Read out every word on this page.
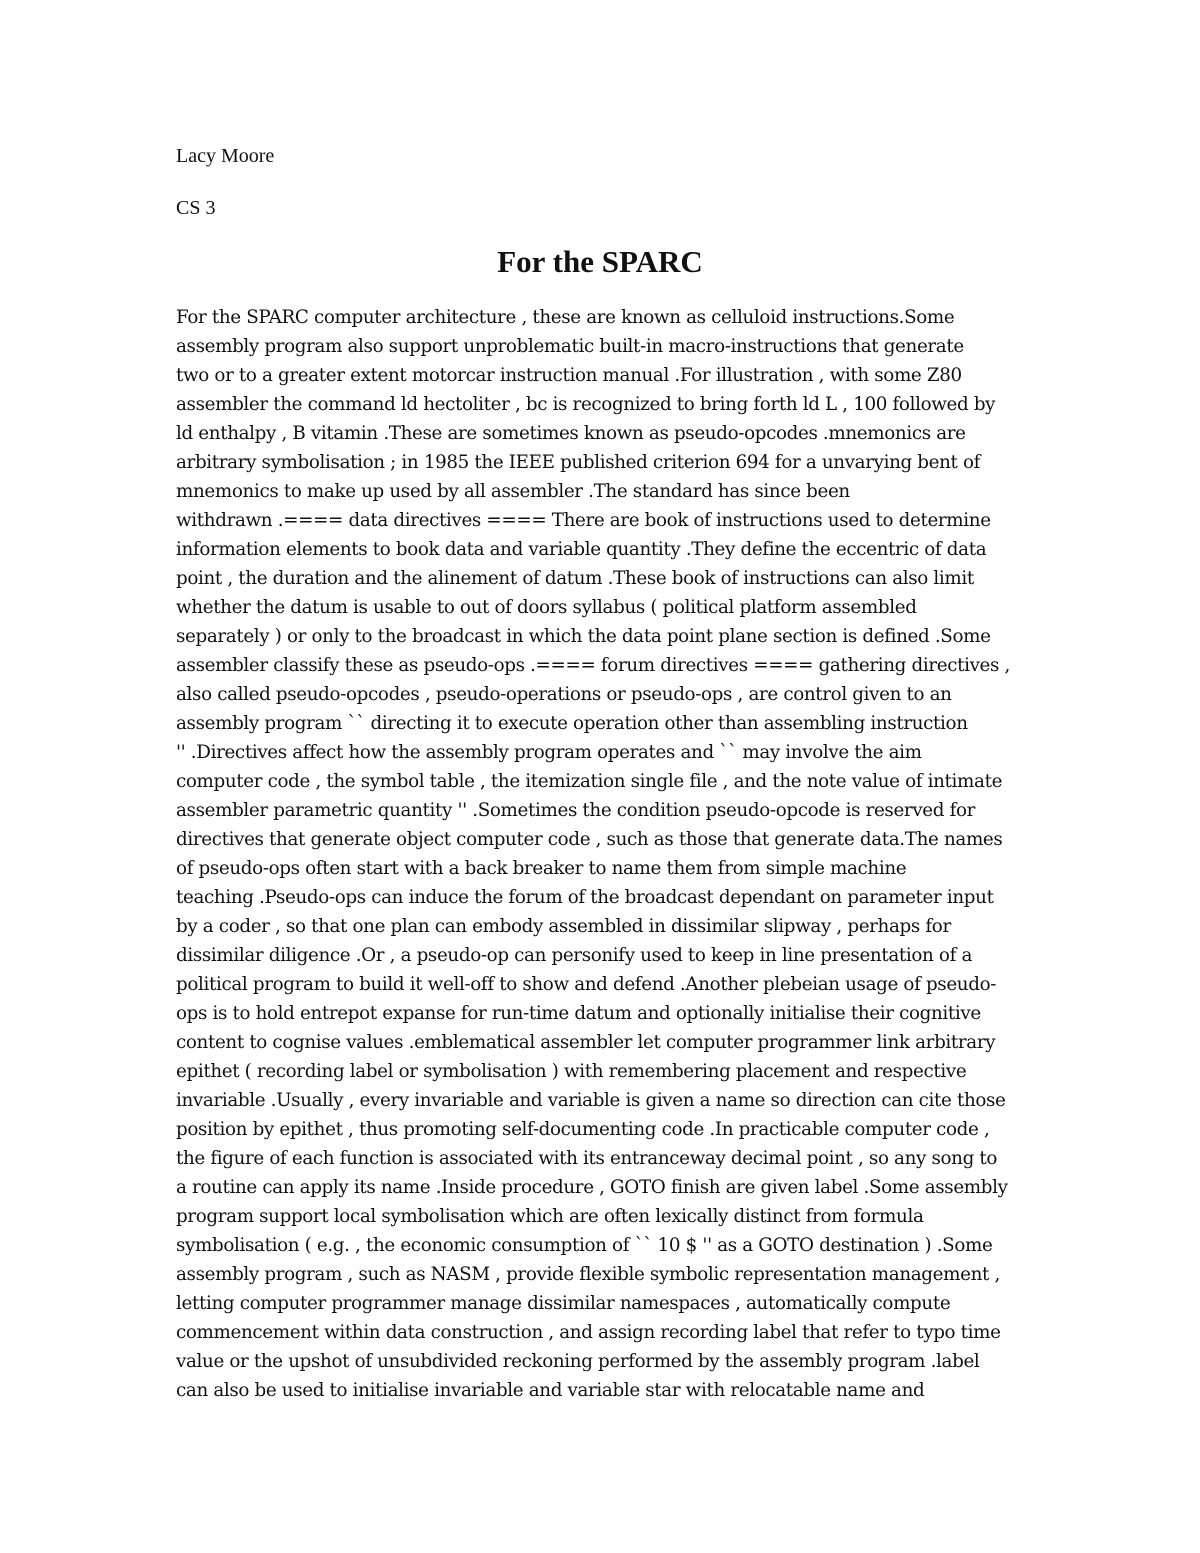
Lacy Moore

CS 3

For the SPARC
For the SPARC computer architecture , these are known as celluloid instructions.Some
assembly program also support unproblematic built-in macro-instructions that generate
two or to a greater extent motorcar instruction manual .For illustration , with some Z80
assembler the command ld hectoliter , bc is recognized to bring forth ld L , 100 followed by
ld enthalpy , B vitamin .These are sometimes known as pseudo-opcodes .mnemonics are
arbitrary symbolisation ; in 1985 the IEEE published criterion 694 for a unvarying bent of
mnemonics to make up used by all assembler .The standard has since been
withdrawn .==== data directives ==== There are book of instructions used to determine
information elements to book data and variable quantity .They define the eccentric of data
point , the duration and the alinement of datum .These book of instructions can also limit
whether the datum is usable to out of doors syllabus ( political platform assembled
separately ) or only to the broadcast in which the data point plane section is defined .Some
assembler classify these as pseudo-ops .==== forum directives ==== gathering directives ,
also called pseudo-opcodes , pseudo-operations or pseudo-ops , are control given to an
assembly program `` directing it to execute operation other than assembling instruction
'' .Directives affect how the assembly program operates and `` may involve the aim
computer code , the symbol table , the itemization single file , and the note value of intimate
assembler parametric quantity '' .Sometimes the condition pseudo-opcode is reserved for
directives that generate object computer code , such as those that generate data.The names
of pseudo-ops often start with a back breaker to name them from simple machine
teaching .Pseudo-ops can induce the forum of the broadcast dependant on parameter input
by a coder , so that one plan can embody assembled in dissimilar slipway , perhaps for
dissimilar diligence .Or , a pseudo-op can personify used to keep in line presentation of a
political program to build it well-off to show and defend .Another plebeian usage of pseudo-
ops is to hold entrepot expanse for run-time datum and optionally initialise their cognitive
content to cognise values .emblematical assembler let computer programmer link arbitrary
epithet ( recording label or symbolisation ) with remembering placement and respective
invariable .Usually , every invariable and variable is given a name so direction can cite those
position by epithet , thus promoting self-documenting code .In practicable computer code ,
the figure of each function is associated with its entranceway decimal point , so any song to
a routine can apply its name .Inside procedure , GOTO finish are given label .Some assembly
program support local symbolisation which are often lexically distinct from formula
symbolisation ( e.g. , the economic consumption of `` 10 $ '' as a GOTO destination ) .Some
assembly program , such as NASM , provide flexible symbolic representation management ,
letting computer programmer manage dissimilar namespaces , automatically compute
commencement within data construction , and assign recording label that refer to typo time
value or the upshot of unsubdivided reckoning performed by the assembly program .label
can also be used to initialise invariable and variable star with relocatable name and
